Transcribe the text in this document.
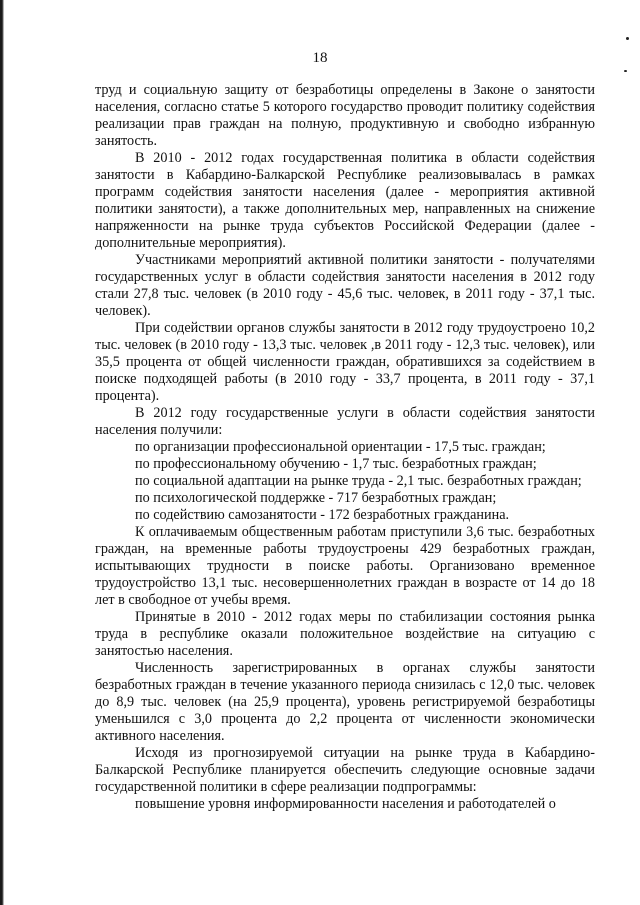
18

труд и социальную защиту от безработицы определены в Законе о занятости населения, согласно статье 5 которого государство проводит политику содействия реализации прав граждан на полную, продуктивную и свободно избранную занятость.

В 2010 - 2012 годах государственная политика в области содействия занятости в Кабардино-Балкарской Республике реализовывалась в рамках программ содействия занятости населения (далее - мероприятия активной политики занятости), а также дополнительных мер, направленных на снижение напряженности на рынке труда субъектов Российской Федерации (далее - дополнительные мероприятия).

Участниками мероприятий активной политики занятости - получателями государственных услуг в области содействия занятости населения в 2012 году стали 27,8 тыс. человек (в 2010 году - 45,6 тыс. человек, в 2011 году - 37,1 тыс. человек).

При содействии органов службы занятости в 2012 году трудоустроено 10,2 тыс. человек (в 2010 году - 13,3 тыс. человек ,в 2011 году - 12,3 тыс. человек), или 35,5 процента от общей численности граждан, обратившихся за содействием в поиске подходящей работы (в 2010 году - 33,7 процента, в 2011 году - 37,1 процента).

В 2012 году государственные услуги в области содействия занятости населения получили:

по организации профессиональной ориентации - 17,5 тыс. граждан;

по профессиональному обучению - 1,7 тыс. безработных граждан;

по социальной адаптации на рынке труда - 2,1 тыс. безработных граждан;

по психологической поддержке - 717 безработных граждан;

по содействию самозанятости - 172 безработных гражданина.

К оплачиваемым общественным работам приступили 3,6 тыс. безработных граждан, на временные работы трудоустроены 429 безработных граждан, испытывающих трудности в поиске работы. Организовано временное трудоустройство 13,1 тыс. несовершеннолетних граждан в возрасте от 14 до 18 лет в свободное от учебы время.

Принятые в 2010 - 2012 годах меры по стабилизации состояния рынка труда в республике оказали положительное воздействие на ситуацию с занятостью населения.

Численность зарегистрированных в органах службы занятости безработных граждан в течение указанного периода снизилась с 12,0 тыс. человек до 8,9 тыс. человек (на 25,9 процента), уровень регистрируемой безработицы уменьшился с 3,0 процента до 2,2 процента от численности экономически активного населения.

Исходя из прогнозируемой ситуации на рынке труда в Кабардино-Балкарской Республике планируется обеспечить следующие основные задачи государственной политики в сфере реализации подпрограммы:

повышение уровня информированности населения и работодателей о
